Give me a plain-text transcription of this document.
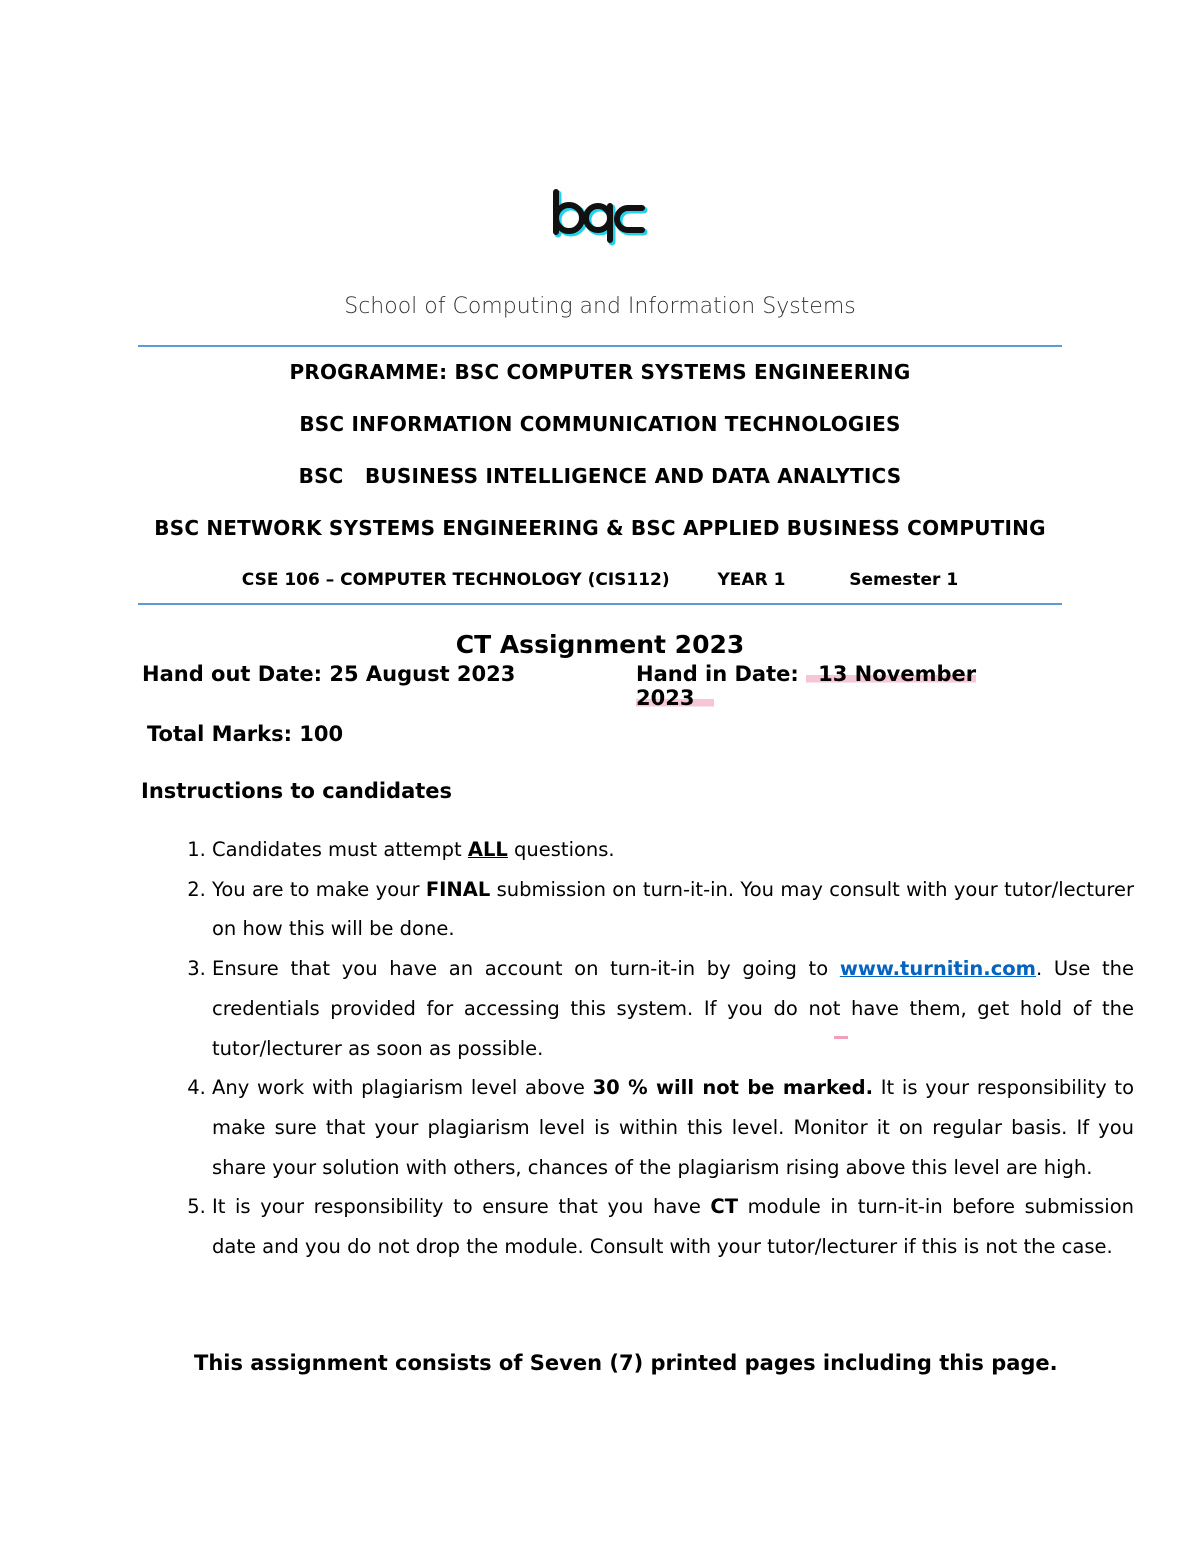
School of Computing and Information Systems
PROGRAMME: BSC COMPUTER SYSTEMS ENGINEERING
BSC INFORMATION COMMUNICATION TECHNOLOGIES
BSC   BUSINESS INTELLIGENCE AND DATA ANALYTICS
BSC NETWORK SYSTEMS ENGINEERING & BSC APPLIED BUSINESS COMPUTING
CSE 106 – COMPUTER TECHNOLOGY (CIS112)	YEAR 1	Semester 1
CT Assignment 2023
Hand out Date: 25 August 2023	Hand in Date: 13 November 2023
Total Marks: 100
Instructions to candidates
1. Candidates must attempt ALL questions.
2. You are to make your FINAL submission on turn-it-in. You may consult with your tutor/lecturer on how this will be done.
3. Ensure that you have an account on turn-it-in by going to www.turnitin.com. Use the credentials provided for accessing this system. If you do not have them, get hold of the tutor/lecturer as soon as possible.
4. Any work with plagiarism level above 30 % will not be marked. It is your responsibility to make sure that your plagiarism level is within this level. Monitor it on regular basis. If you share your solution with others, chances of the plagiarism rising above this level are high.
5. It is your responsibility to ensure that you have CT module in turn-it-in before submission date and you do not drop the module. Consult with your tutor/lecturer if this is not the case.
This assignment consists of Seven (7) printed pages including this page.
